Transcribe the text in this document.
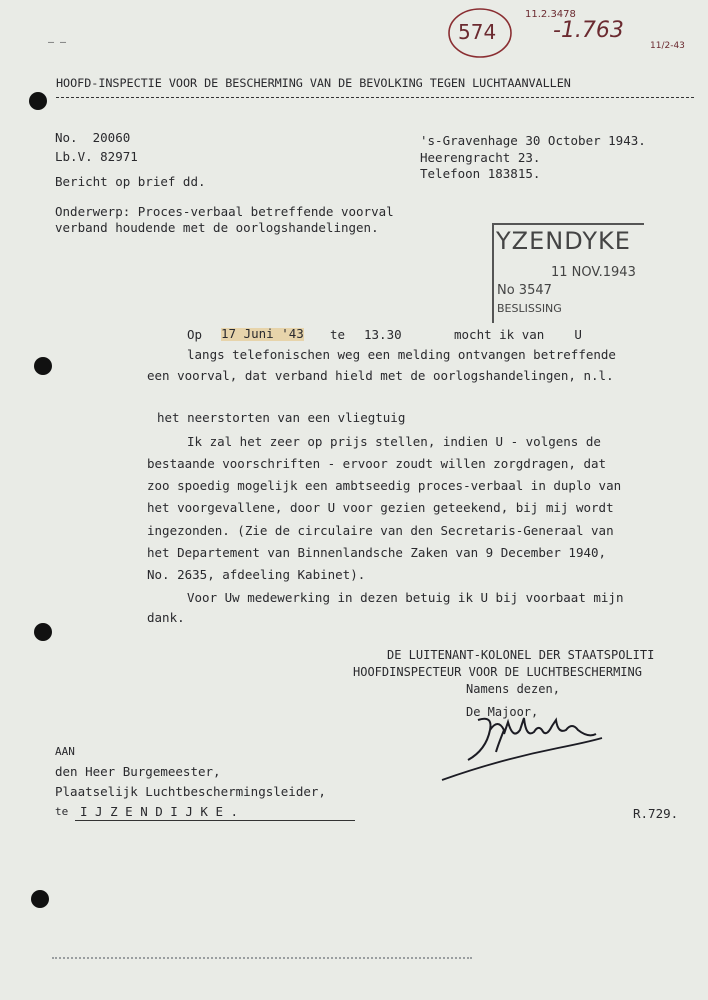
574
11.2.3478
-1.763
11/2-43
— —
HOOFD-INSPECTIE VOOR DE BESCHERMING VAN DE BEVOLKING TEGEN LUCHTAANVALLEN
No.  20060
Lb.V. 82971
Bericht op brief dd.
's-Gravenhage 30 October 1943.
Heerengracht 23.
Telefoon 183815.
Onderwerp: Proces-verbaal betreffende voorval
verband houdende met de oorlogshandelingen.	YZENDYKE
11 NOV.1943
No 3547
BESLISSING
Op 17 Juni '43 te 13.30	mocht ik van    U
langs telefonischen weg een melding ontvangen betreffende
een voorval, dat verband hield met de oorlogshandelingen, n.l.
het neerstorten van een vliegtuig
Ik zal het zeer op prijs stellen, indien U - volgens de
bestaande voorschriften - ervoor zoudt willen zorgdragen, dat
zoo spoedig mogelijk een ambtseedig proces-verbaal in duplo van
het voorgevallene, door U voor gezien geteekend, bij mij wordt
ingezonden. (Zie de circulaire van den Secretaris-Generaal van
het Departement van Binnenlandsche Zaken van 9 December 1940,
No. 2635, afdeeling Kabinet).
Voor Uw medewerking in dezen betuig ik U bij voorbaat mijn
dank.
DE LUITENANT-KOLONEL DER STAATSPOLITI
HOOFDINSPECTEUR VOOR DE LUCHTBESCHERMING
Namens dezen,
De Majoor,
AAN
den Heer Burgemeester,
Plaatselijk Luchtbeschermingsleider,
te I J Z E N D I J K E .	R.729.
